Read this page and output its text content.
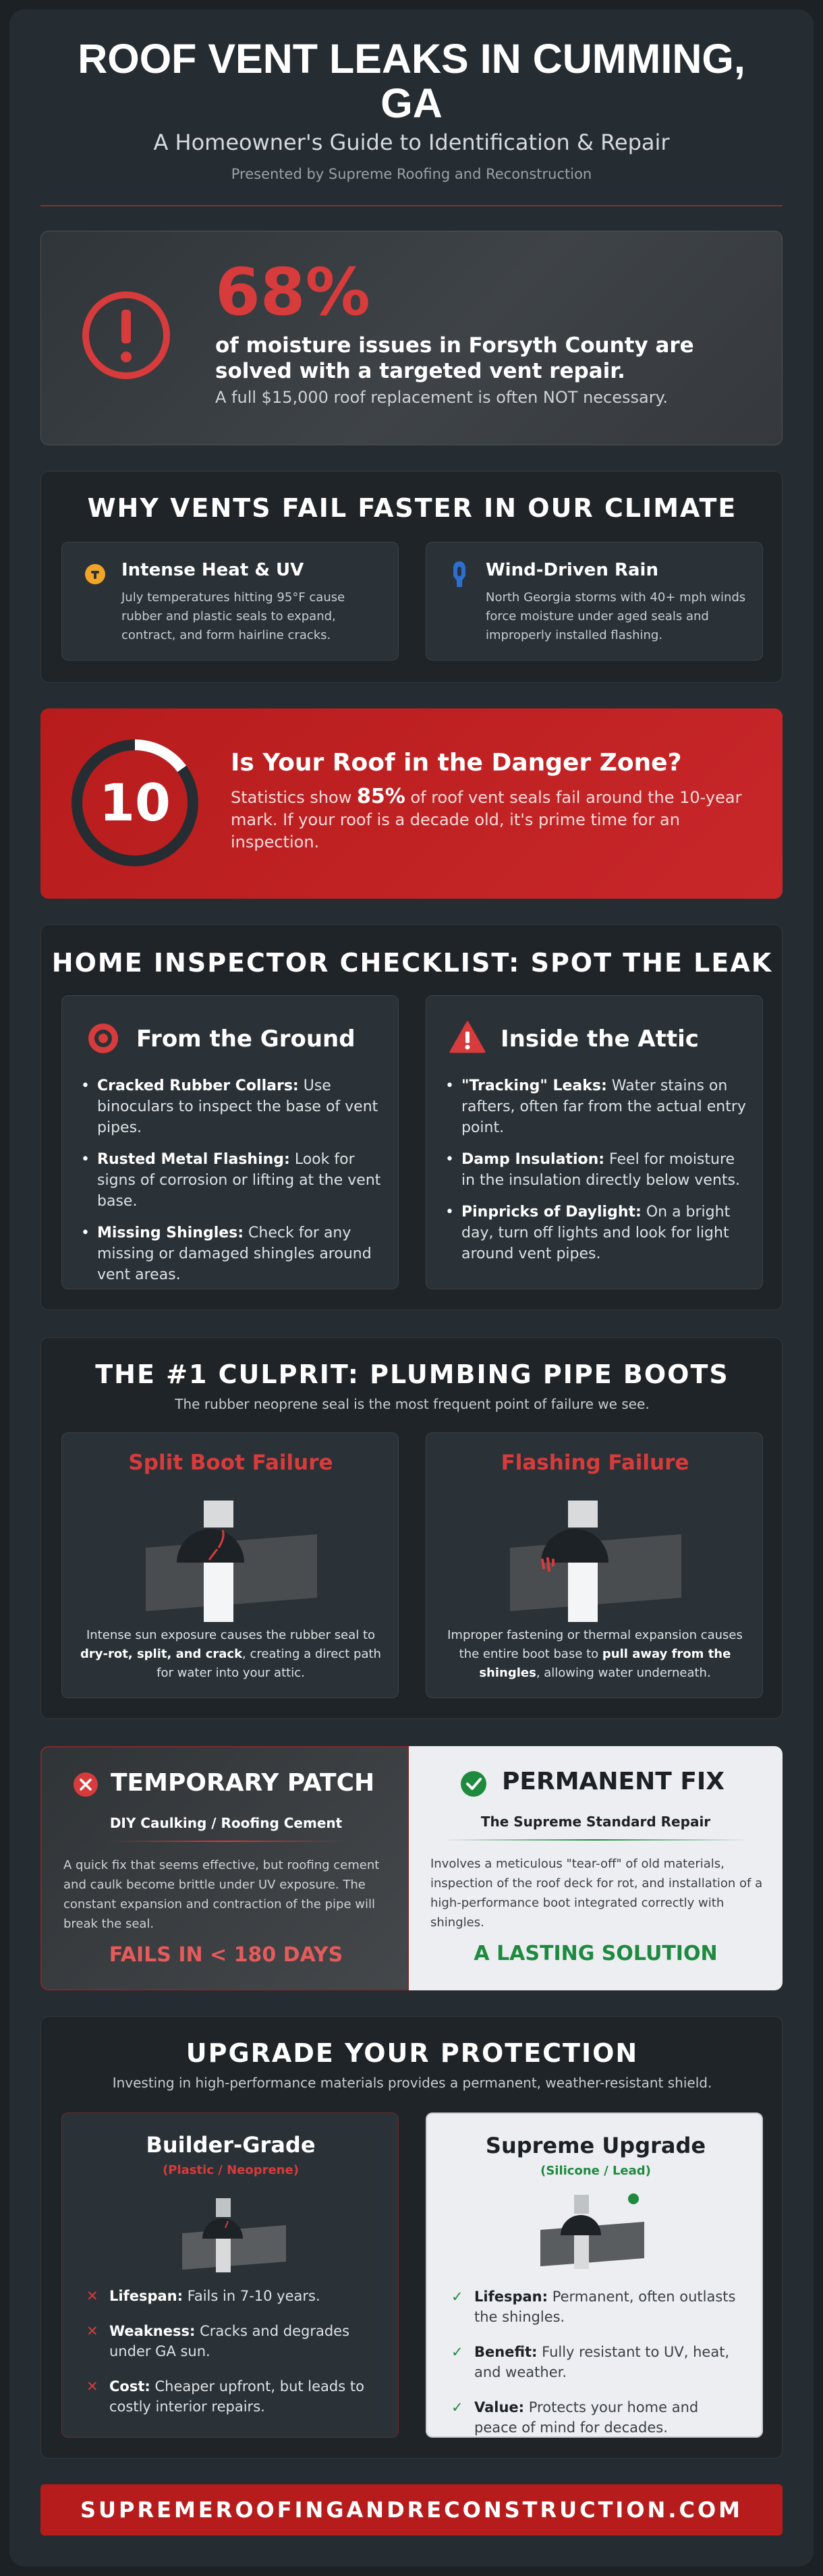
ROOF VENT LEAKS IN CUMMING, GA
A Homeowner's Guide to Identification & Repair
Presented by Supreme Roofing and Reconstruction
68%
of moisture issues in Forsyth County are solved with a targeted vent repair.
A full $15,000 roof replacement is often NOT necessary.
WHY VENTS FAIL FASTER IN OUR CLIMATE
Intense Heat & UV
July temperatures hitting 95°F cause rubber and plastic seals to expand, contract, and form hairline cracks.
Wind-Driven Rain
North Georgia storms with 40+ mph winds force moisture under aged seals and improperly installed flashing.
10
Is Your Roof in the Danger Zone?
Statistics show 85% of roof vent seals fail around the 10-year mark. If your roof is a decade old, it's prime time for an inspection.
HOME INSPECTOR CHECKLIST: SPOT THE LEAK
From the Ground
• Cracked Rubber Collars: Use binoculars to inspect the base of vent pipes.
• Rusted Metal Flashing: Look for signs of corrosion or lifting at the vent base.
• Missing Shingles: Check for any missing or damaged shingles around vent areas.
Inside the Attic
• "Tracking" Leaks: Water stains on rafters, often far from the actual entry point.
• Damp Insulation: Feel for moisture in the insulation directly below vents.
• Pinpricks of Daylight: On a bright day, turn off lights and look for light around vent pipes.
THE #1 CULPRIT: PLUMBING PIPE BOOTS
The rubber neoprene seal is the most frequent point of failure we see.
Split Boot Failure
Intense sun exposure causes the rubber seal to dry-rot, split, and crack, creating a direct path for water into your attic.
Flashing Failure
Improper fastening or thermal expansion causes the entire boot base to pull away from the shingles, allowing water underneath.
TEMPORARY PATCH
DIY Caulking / Roofing Cement
A quick fix that seems effective, but roofing cement and caulk become brittle under UV exposure. The constant expansion and contraction of the pipe will break the seal.
FAILS IN < 180 DAYS
PERMANENT FIX
The Supreme Standard Repair
Involves a meticulous "tear-off" of old materials, inspection of the roof deck for rot, and installation of a high-performance boot integrated correctly with shingles.
A LASTING SOLUTION
UPGRADE YOUR PROTECTION
Investing in high-performance materials provides a permanent, weather-resistant shield.
Builder-Grade
(Plastic / Neoprene)
✕ Lifespan: Fails in 7-10 years.
✕ Weakness: Cracks and degrades under GA sun.
✕ Cost: Cheaper upfront, but leads to costly interior repairs.
Supreme Upgrade
(Silicone / Lead)
✓ Lifespan: Permanent, often outlasts the shingles.
✓ Benefit: Fully resistant to UV, heat, and weather.
✓ Value: Protects your home and peace of mind for decades.
SUPREMEROOFINGANDRECONSTRUCTION.COM
